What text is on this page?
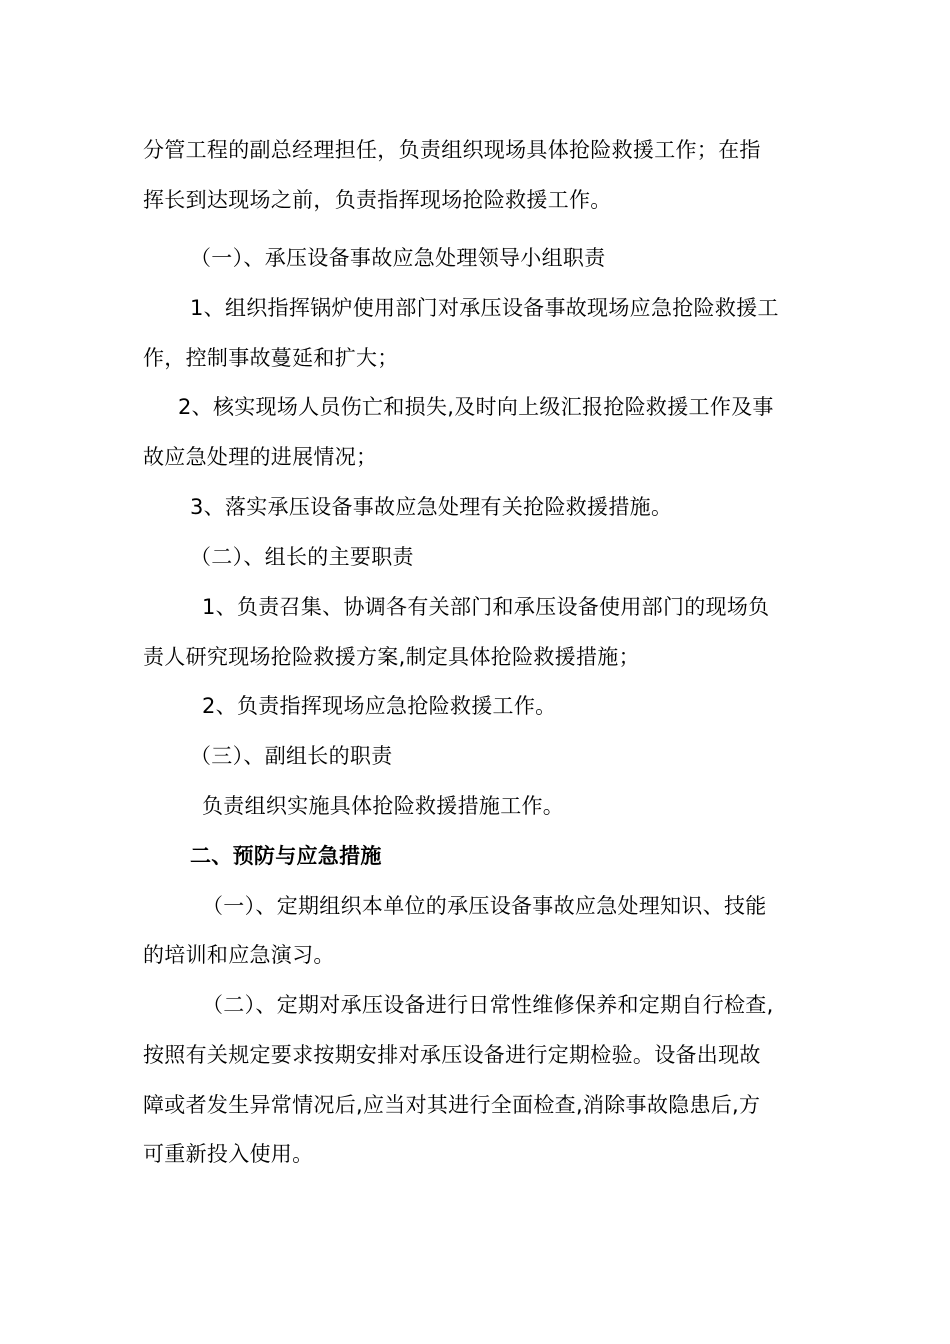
分管工程的副总经理担任，负责组织现场具体抢险救援工作；在指
挥长到达现场之前，负责指挥现场抢险救援工作。
（一）、承压设备事故应急处理领导小组职责
1、组织指挥锅炉使用部门对承压设备事故现场应急抢险救援工
作，控制事故蔓延和扩大；
2、核实现场人员伤亡和损失,及时向上级汇报抢险救援工作及事
故应急处理的进展情况；
3、落实承压设备事故应急处理有关抢险救援措施。
（二）、组长的主要职责
1、负责召集、协调各有关部门和承压设备使用部门的现场负
责人研究现场抢险救援方案,制定具体抢险救援措施；
2、负责指挥现场应急抢险救援工作。
（三）、副组长的职责
负责组织实施具体抢险救援措施工作。
二、预防与应急措施
（一）、定期组织本单位的承压设备事故应急处理知识、技能
的培训和应急演习。
（二）、定期对承压设备进行日常性维修保养和定期自行检查,
按照有关规定要求按期安排对承压设备进行定期检验。设备出现故
障或者发生异常情况后,应当对其进行全面检查,消除事故隐患后,方
可重新投入使用。
